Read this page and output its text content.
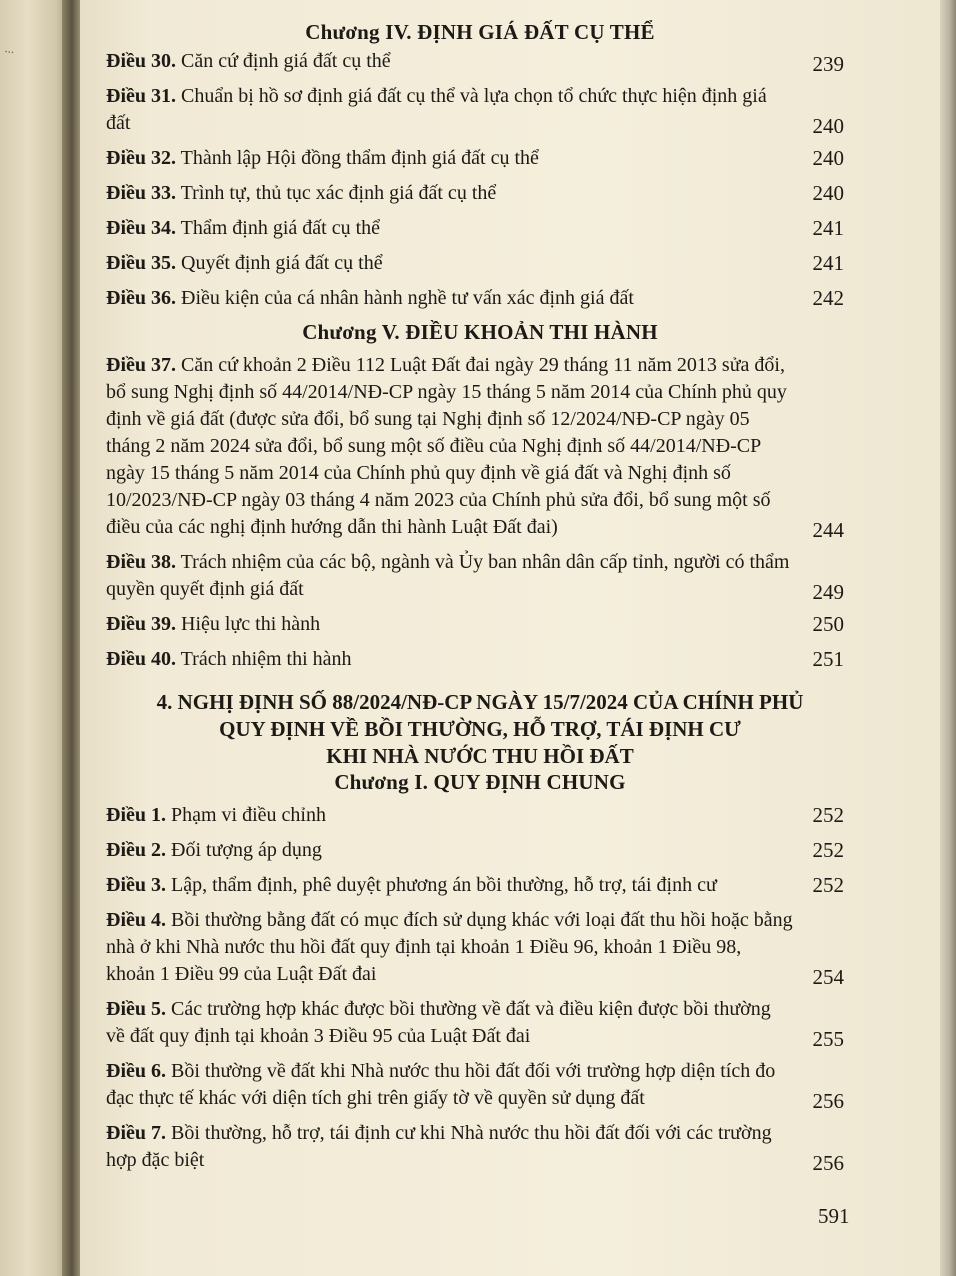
...
Chương IV. ĐỊNH GIÁ ĐẤT CỤ THỂ
Điều 30. Căn cứ định giá đất cụ thể	239
Điều 31. Chuẩn bị hồ sơ định giá đất cụ thể và lựa chọn tổ chức thực hiện định giá đất	240
Điều 32. Thành lập Hội đồng thẩm định giá đất cụ thể	240
Điều 33. Trình tự, thủ tục xác định giá đất cụ thể	240
Điều 34. Thẩm định giá đất cụ thể	241
Điều 35. Quyết định giá đất cụ thể	241
Điều 36. Điều kiện của cá nhân hành nghề tư vấn xác định giá đất	242
Chương V. ĐIỀU KHOẢN THI HÀNH
Điều 37. Căn cứ khoản 2 Điều 112 Luật Đất đai ngày 29 tháng 11 năm 2013 sửa đổi, bổ sung Nghị định số 44/2014/NĐ-CP ngày 15 tháng 5 năm 2014 của Chính phủ quy định về giá đất (được sửa đổi, bổ sung tại Nghị định số 12/2024/NĐ-CP ngày 05 tháng 2 năm 2024 sửa đổi, bổ sung một số điều của Nghị định số 44/2014/NĐ-CP ngày 15 tháng 5 năm 2014 của Chính phủ quy định về giá đất và Nghị định số 10/2023/NĐ-CP ngày 03 tháng 4 năm 2023 của Chính phủ sửa đổi, bổ sung một số điều của các nghị định hướng dẫn thi hành Luật Đất đai)	244
Điều 38. Trách nhiệm của các bộ, ngành và Ủy ban nhân dân cấp tỉnh, người có thẩm quyền quyết định giá đất	249
Điều 39. Hiệu lực thi hành	250
Điều 40. Trách nhiệm thi hành	251
4. NGHỊ ĐỊNH SỐ 88/2024/NĐ-CP NGÀY 15/7/2024 CỦA CHÍNH PHỦ
QUY ĐỊNH VỀ BỒI THƯỜNG, HỖ TRỢ, TÁI ĐỊNH CƯ
KHI NHÀ NƯỚC THU HỒI ĐẤT
Chương I. QUY ĐỊNH CHUNG
Điều 1. Phạm vi điều chỉnh	252
Điều 2. Đối tượng áp dụng	252
Điều 3. Lập, thẩm định, phê duyệt phương án bồi thường, hỗ trợ, tái định cư	252
Điều 4. Bồi thường bằng đất có mục đích sử dụng khác với loại đất thu hồi hoặc bằng nhà ở khi Nhà nước thu hồi đất quy định tại khoản 1 Điều 96, khoản 1 Điều 98, khoản 1 Điều 99 của Luật Đất đai	254
Điều 5. Các trường hợp khác được bồi thường về đất và điều kiện được bồi thường về đất quy định tại khoản 3 Điều 95 của Luật Đất đai	255
Điều 6. Bồi thường về đất khi Nhà nước thu hồi đất đối với trường hợp diện tích đo đạc thực tế khác với diện tích ghi trên giấy tờ về quyền sử dụng đất	256
Điều 7. Bồi thường, hỗ trợ, tái định cư khi Nhà nước thu hồi đất đối với các trường hợp đặc biệt	256
591
